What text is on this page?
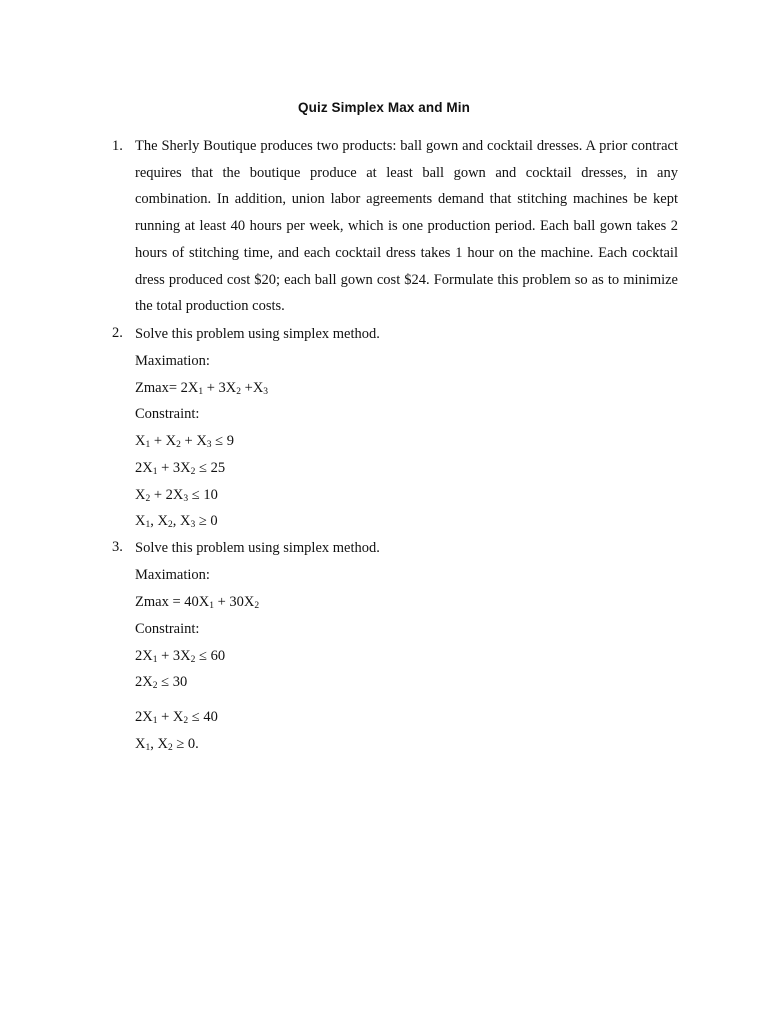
Quiz Simplex Max and Min
1. The Sherly Boutique produces two products: ball gown and cocktail dresses. A prior contract requires that the boutique produce at least ball gown and cocktail dresses, in any combination. In addition, union labor agreements demand that stitching machines be kept running at least 40 hours per week, which is one production period. Each ball gown takes 2 hours of stitching time, and each cocktail dress takes 1 hour on the machine. Each cocktail dress produced cost $20; each ball gown cost $24. Formulate this problem so as to minimize the total production costs.

2. Solve this problem using simplex method.
Maximation:
$Zmax= 2X_1 + 3X_2 +X_3$
Constraint:
$X_1 + X_2 + X_3 \le 9$
$2X_1 + 3X_2 \le 25$
$X_2 + 2X_3 \le 10$
$X_1$, $X_2$, $X_3 \ge 0$
3. Solve this problem using simplex method.
Maximation:
$Zmax = 40X_1 + 30X_2$
Constraint:
$2X_1 + 3X_2 \le 60$
$2X_2 \le 30$
$2X_1 + X_2 \le 40$
$X_1$, $X_2 \ge 0$.
